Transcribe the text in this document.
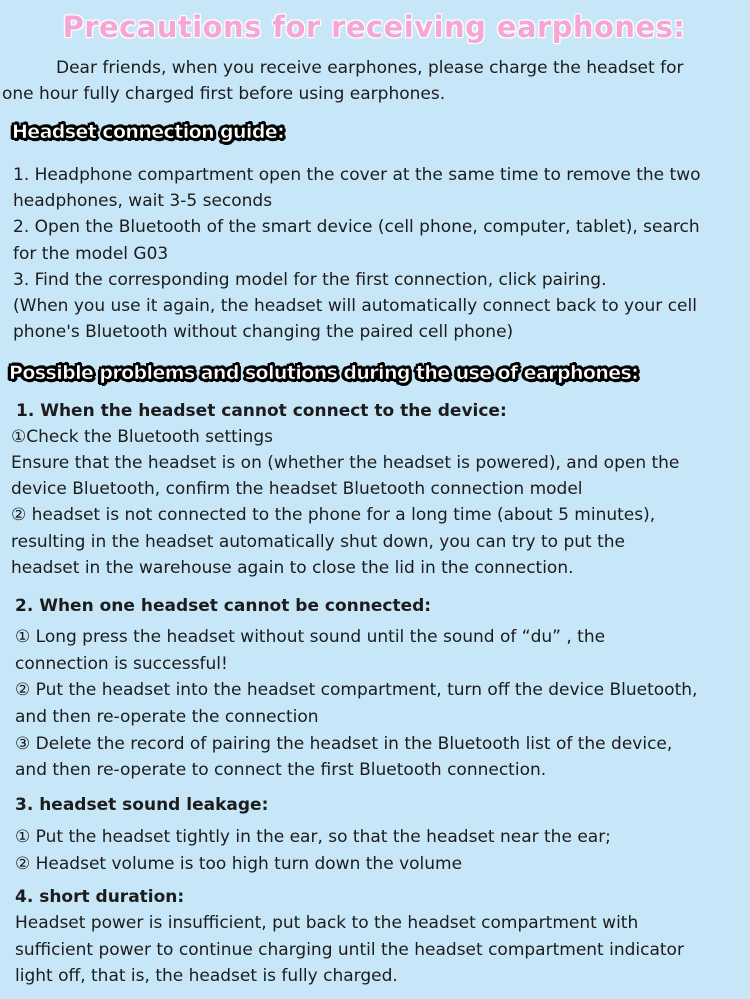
Precautions for receiving earphones:
Dear friends, when you receive earphones, please charge the headset for
one hour fully charged first before using earphones.
Headset connection guide:
1. Headphone compartment open the cover at the same time to remove the two
headphones, wait 3-5 seconds
2. Open the Bluetooth of the smart device (cell phone, computer, tablet), search
for the model G03
3. Find the corresponding model for the first connection, click pairing.
(When you use it again, the headset will automatically connect back to your cell
phone's Bluetooth without changing the paired cell phone)
Possible problems and solutions during the use of earphones:
1. When the headset cannot connect to the device:
①Check the Bluetooth settings
Ensure that the headset is on (whether the headset is powered), and open the
device Bluetooth, confirm the headset Bluetooth connection model
② headset is not connected to the phone for a long time (about 5 minutes),
resulting in the headset automatically shut down, you can try to put the
headset in the warehouse again to close the lid in the connection.
2. When one headset cannot be connected:
① Long press the headset without sound until the sound of “du” , the
connection is successful!
② Put the headset into the headset compartment, turn off the device Bluetooth,
and then re-operate the connection
③ Delete the record of pairing the headset in the Bluetooth list of the device,
and then re-operate to connect the first Bluetooth connection.
3. headset sound leakage:
① Put the headset tightly in the ear, so that the headset near the ear;
② Headset volume is too high turn down the volume
4. short duration:
Headset power is insufficient, put back to the headset compartment with
sufficient power to continue charging until the headset compartment indicator
light off, that is, the headset is fully charged.
